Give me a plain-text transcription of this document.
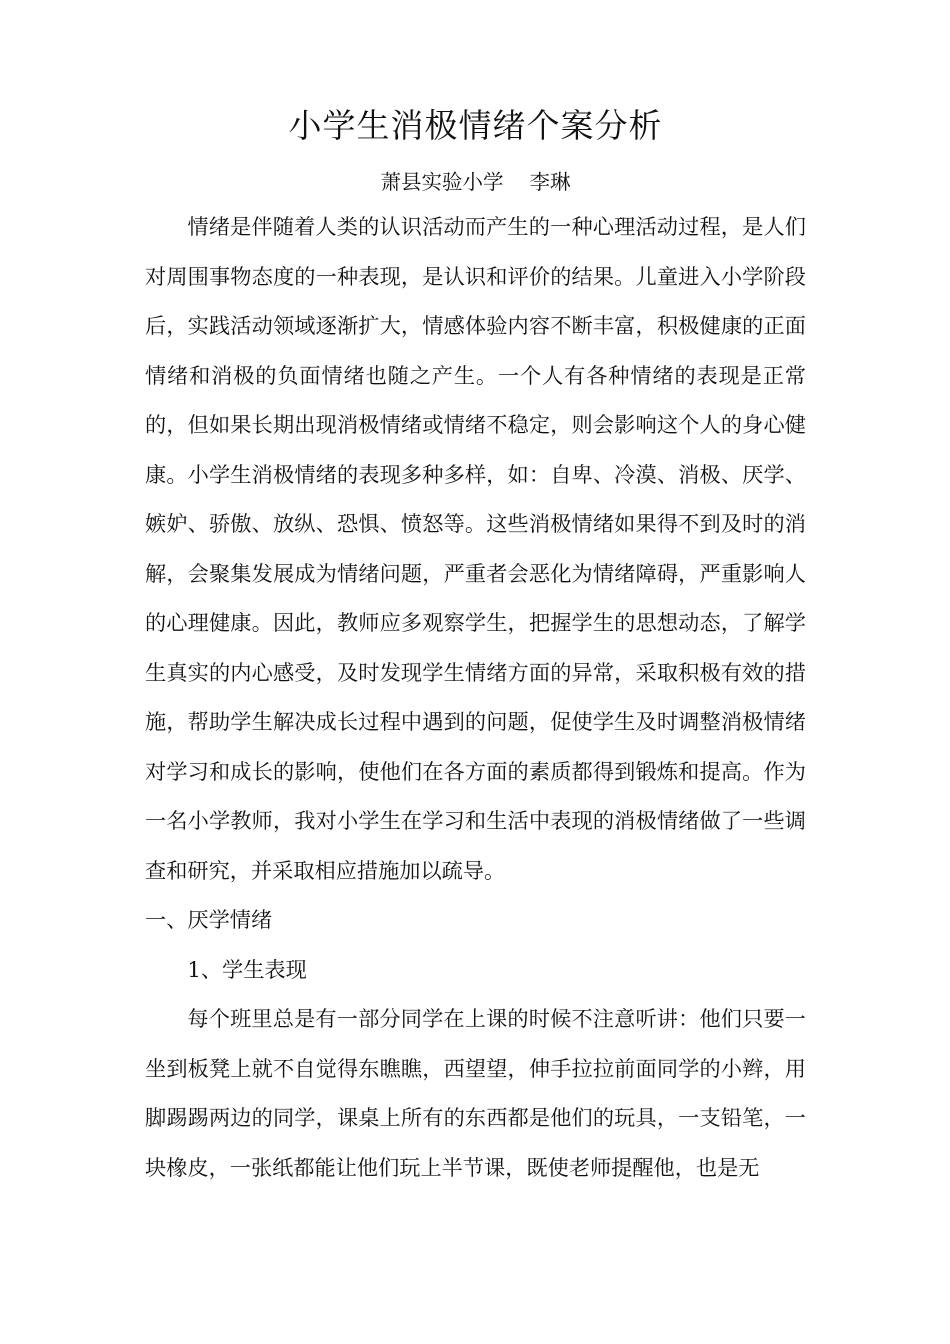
小学生消极情绪个案分析
萧县实验小学    李琳

情绪是伴随着人类的认识活动而产生的一种心理活动过程，是人们对周围事物态度的一种表现，是认识和评价的结果。儿童进入小学阶段后，实践活动领域逐渐扩大，情感体验内容不断丰富，积极健康的正面情绪和消极的负面情绪也随之产生。一个人有各种情绪的表现是正常的，但如果长期出现消极情绪或情绪不稳定，则会影响这个人的身心健康。小学生消极情绪的表现多种多样，如：自卑、冷漠、消极、厌学、嫉妒、骄傲、放纵、恐惧、愤怒等。这些消极情绪如果得不到及时的消解，会聚集发展成为情绪问题，严重者会恶化为情绪障碍，严重影响人的心理健康。因此，教师应多观察学生，把握学生的思想动态，了解学生真实的内心感受，及时发现学生情绪方面的异常，采取积极有效的措施，帮助学生解决成长过程中遇到的问题，促使学生及时调整消极情绪对学习和成长的影响，使他们在各方面的素质都得到锻炼和提高。作为一名小学教师，我对小学生在学习和生活中表现的消极情绪做了一些调查和研究，并采取相应措施加以疏导。

一、厌学情绪

1、学生表现

每个班里总是有一部分同学在上课的时候不注意听讲：他们只要一坐到板凳上就不自觉得东瞧瞧，西望望，伸手拉拉前面同学的小辫，用脚踢踢两边的同学，课桌上所有的东西都是他们的玩具，一支铅笔，一块橡皮，一张纸都能让他们玩上半节课，既使老师提醒他，也是无
